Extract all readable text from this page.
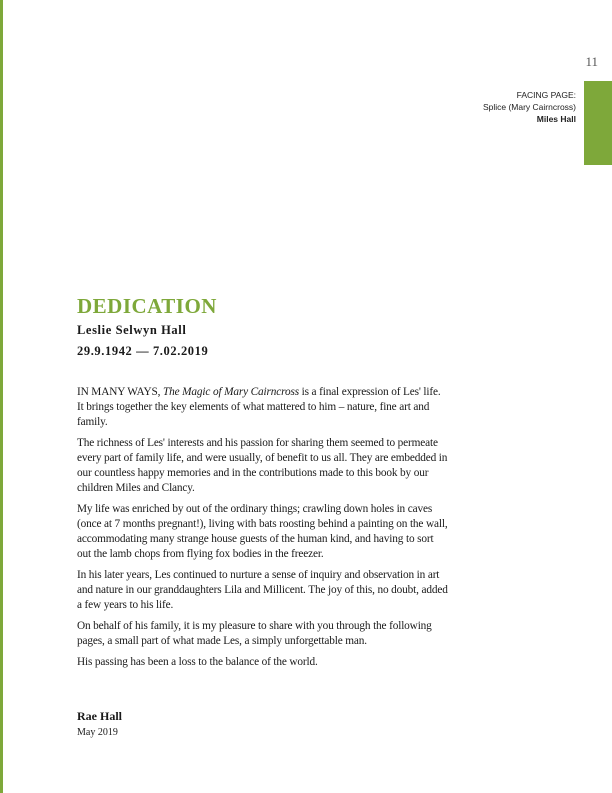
11
FACING PAGE:
Splice (Mary Cairncross)
Miles Hall
DEDICATION
Leslie Selwyn Hall
29.9.1942 — 7.02.2019

IN MANY WAYS, The Magic of Mary Cairncross is a final expression of Les' life. It brings together the key elements of what mattered to him – nature, fine art and family.

The richness of Les' interests and his passion for sharing them seemed to permeate every part of family life, and were usually, of benefit to us all. They are embedded in our countless happy memories and in the contributions made to this book by our children Miles and Clancy.

My life was enriched by out of the ordinary things; crawling down holes in caves (once at 7 months pregnant!), living with bats roosting behind a painting on the wall, accommodating many strange house guests of the human kind, and having to sort out the lamb chops from flying fox bodies in the freezer.

In his later years, Les continued to nurture a sense of inquiry and observation in art and nature in our granddaughters Lila and Millicent. The joy of this, no doubt, added a few years to his life.

On behalf of his family, it is my pleasure to share with you through the following pages, a small part of what made Les, a simply unforgettable man.

His passing has been a loss to the balance of the world.

Rae Hall

May 2019
